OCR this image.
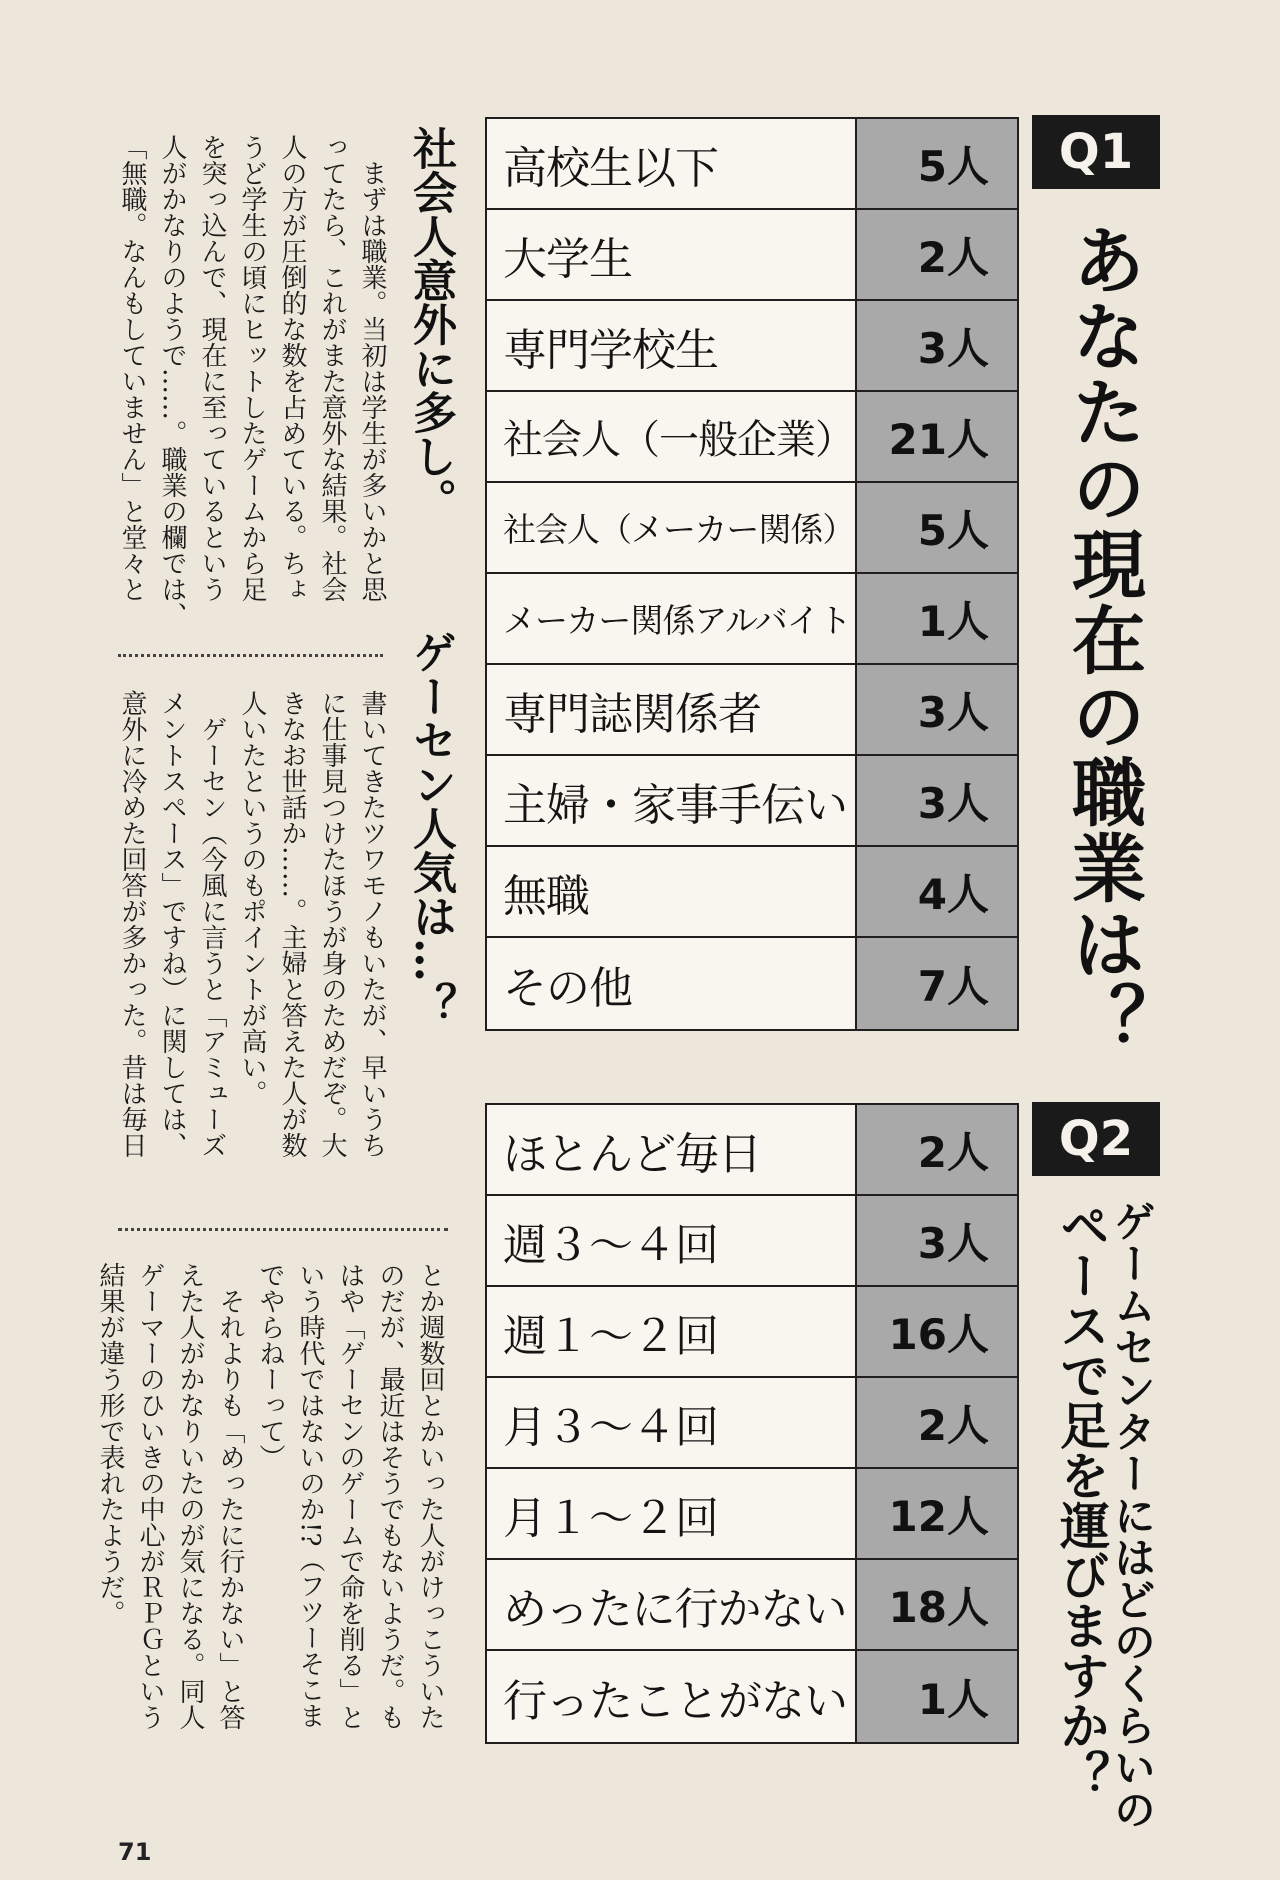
Q1
あなたの現在の職業は？
高校生以下	5人
大学生	2人
専門学校生	3人
社会人（一般企業） 21人
社会人（メーカー関係）	5人
メーカー関係アルバイト	1人
専門誌関係者	3人
主婦・家事手伝い	3人
無職	4人
その他	7人
Q2
ゲームセンターにはどのくらいの
ペースで足を運びますか？
ほとんど毎日	2人
週３〜４回	3人
週１〜２回	16人
月３〜４回	2人
月１〜２回	12人
めったに行かない 18人
行ったことがない	1人
社会人意外に多し。
　まずは職業。当初は学生が多いかと思
ってたら、これがまた意外な結果。社会
人の方が圧倒的な数を占めている。ちょ
うど学生の頃にヒットしたゲームから足
を突っ込んで、現在に至っているという
人がかなりのようで……。職業の欄では、
「無職。なんもしていません」と堂々と
ゲーセン人気は…？
書いてきたツワモノもいたが、早いうち
に仕事見つけたほうが身のためだぞ。大
きなお世話か……。主婦と答えた人が数
人いたというのもポイントが高い。
　ゲーセン（今風に言うと「アミューズ
メントスペース」ですね）に関しては、
意外に冷めた回答が多かった。昔は毎日
とか週数回とかいった人がけっこういた
のだが、最近はそうでもないようだ。も
はや「ゲーセンのゲームで命を削る」と
いう時代ではないのか!?（フツーそこま
でやらねーって）
　それよりも「めったに行かない」と答
えた人がかなりいたのが気になる。同人
ゲーマーのひいきの中心がＲＰＧという
結果が違う形で表れたようだ。
71
